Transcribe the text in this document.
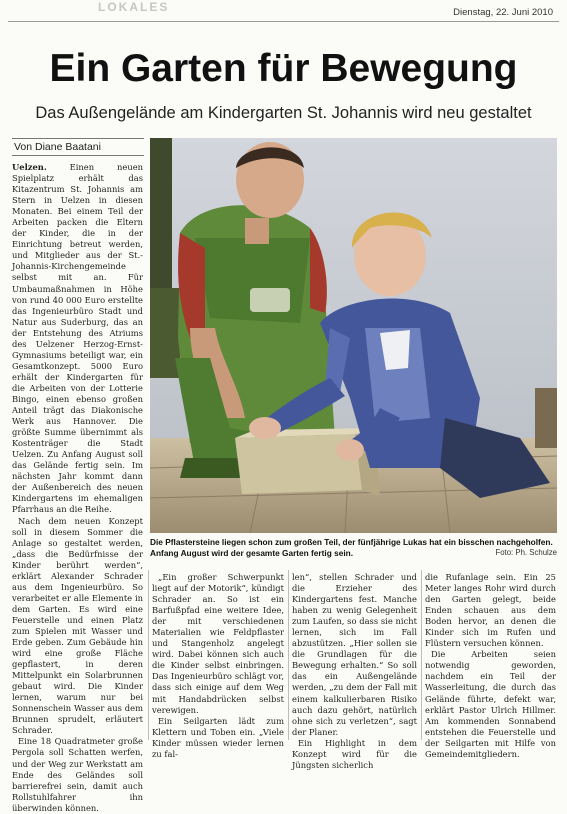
LOKALES	Dienstag, 22. Juni 2010
Ein Garten für Bewegung
Das Außengelände am Kindergarten St. Johannis wird neu gestaltet
Von Diane Baatani

Uelzen.	Einen neuen Spielplatz erhält das Kitazentrum St. Johannis am Stern in Uelzen in diesen Monaten. Bei einem Teil der Arbeiten packen die Eltern der Kinder, die in der Einrichtung betreut werden, und Mitglieder aus der St.-Johannis-Kirchengemeinde selbst mit an. Für Umbaumaßnahmen in Höhe von rund 40 000 Euro erstellte das Ingenieurbüro Stadt und Natur aus Suderburg, das an der Entstehung des Atriums des Uelzener Herzog-Ernst-Gymnasiums beteiligt war, ein Gesamtkonzept. 5000 Euro erhält der Kindergarten für die Arbeiten von der Lotterie Bingo, einen ebenso großen Anteil trägt das Diakonische Werk aus Hannover. Die größte Summe übernimmt als Kostenträger die Stadt Uelzen. Zu Anfang August soll das Gelände fertig sein. Im nächsten Jahr kommt dann der Außenbereich des neuen Kindergartens im ehemaligen Pfarrhaus an die Reihe.

Nach dem neuen Konzept soll in diesem Sommer die Anlage so gestaltet werden, „dass die Bedürfnisse der Kinder berührt werden“, erklärt Alexander Schrader aus dem Ingenieurbüro. So verarbeitet er alle Elemente in dem Garten. Es wird eine Feuerstelle und einen Platz zum Spielen mit Wasser und Erde geben. Zum Gebäude hin wird eine große Fläche gepflastert, in deren Mittelpunkt ein Solarbrunnen gebaut wird. Die Kinder lernen, warum nur bei Sonnenschein Wasser aus dem Brunnen sprudelt, erläutert Schrader.

Eine 18 Quadratmeter große Pergola soll Schatten werfen, und der Weg zur Werkstatt am Ende des Geländes soll barrierefrei sein, damit auch Rollstuhlfahrer ihn überwinden können.

Die Pflastersteine liegen schon zum großen Teil, der fünfjährige Lukas hat ein bisschen nachgeholfen. Anfang August wird der gesamte Garten fertig sein.	Foto: Ph. Schulze

„Ein großer Schwerpunkt liegt auf der Motorik“, kündigt Schrader an. So ist ein Barfußpfad eine weitere Idee, der mit verschiedenen Materialien wie Feldpflaster und Stangenholz angelegt wird. Dabei können sich auch die Kinder selbst einbringen. Das Ingenieurbüro schlägt vor, dass sich einige auf dem Weg mit Handabdrücken selbst verewigen.

Ein Seilgarten lädt zum Klettern und Toben ein. „Viele Kinder müssen wieder lernen zu fal-

len“, stellen Schrader und die Erzieher des Kindergartens fest. Manche haben zu wenig Gelegenheit zum Laufen, so dass sie nicht lernen, sich im Fall abzustützen. „Hier sollen sie die Grundlagen für die Bewegung erhalten.“ So soll das ein Außengelände werden, „zu dem der Fall mit einem kalkulierbaren Risiko auch dazu gehört, natürlich ohne sich zu verletzen“, sagt der Planer.

Ein Highlight in dem Konzept wird für die Jüngsten sicherlich

die Rufanlage sein. Ein 25 Meter langes Rohr wird durch den Garten gelegt, beide Enden schauen aus dem Boden hervor, an denen die Kinder sich im Rufen und Flüstern versuchen können.

Die Arbeiten seien notwendig geworden, nachdem ein Teil der Wasserleitung, die durch das Gelände führte, defekt war, erklärt Pastor Ulrich Hillmer. Am kommenden Sonnabend entstehen die Feuerstelle und der Seilgarten mit Hilfe von Gemeindemitgliedern.
